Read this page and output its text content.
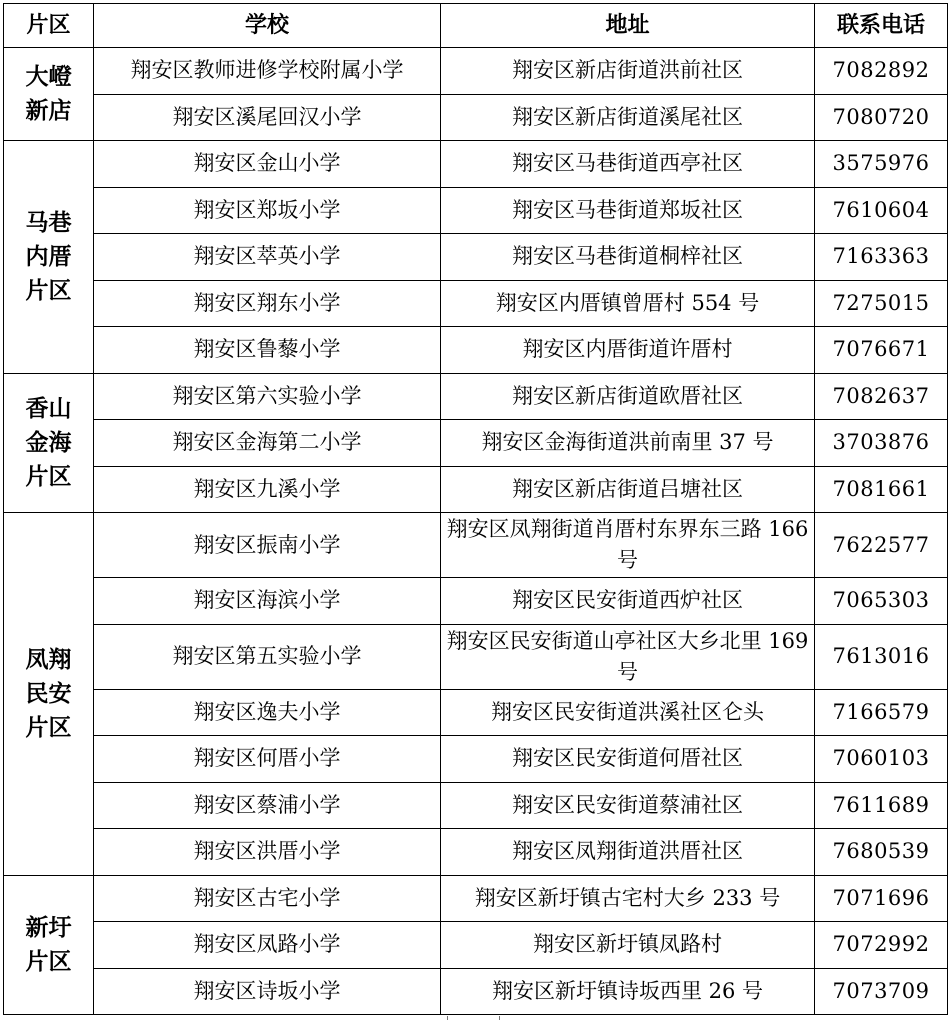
片区	学校	地址	联系电话
大嶝新店	翔安区教师进修学校附属小学	翔安区新店街道洪前社区	7082892
	翔安区溪尾回汉小学	翔安区新店街道溪尾社区	7080720
马巷内厝片区	翔安区金山小学	翔安区马巷街道西亭社区	3575976
	翔安区郑坂小学	翔安区马巷街道郑坂社区	7610604
	翔安区萃英小学	翔安区马巷街道桐梓社区	7163363
	翔安区翔东小学	翔安区内厝镇曾厝村 554 号	7275015
	翔安区鲁藜小学	翔安区内厝街道许厝村	7076671
香山金海片区	翔安区第六实验小学	翔安区新店街道欧厝社区	7082637
	翔安区金海第二小学	翔安区金海街道洪前南里 37 号	3703876
	翔安区九溪小学	翔安区新店街道吕塘社区	7081661
凤翔民安片区	翔安区振南小学	翔安区凤翔街道肖厝村东界东三路 166 号	7622577
	翔安区海滨小学	翔安区民安街道西炉社区	7065303
	翔安区第五实验小学	翔安区民安街道山亭社区大乡北里 169 号	7613016
	翔安区逸夫小学	翔安区民安街道洪溪社区仑头	7166579
	翔安区何厝小学	翔安区民安街道何厝社区	7060103
	翔安区蔡浦小学	翔安区民安街道蔡浦社区	7611689
	翔安区洪厝小学	翔安区凤翔街道洪厝社区	7680539
新圩片区	翔安区古宅小学	翔安区新圩镇古宅村大乡 233 号	7071696
	翔安区凤路小学	翔安区新圩镇凤路村	7072992
	翔安区诗坂小学	翔安区新圩镇诗坂西里 26 号	7073709
